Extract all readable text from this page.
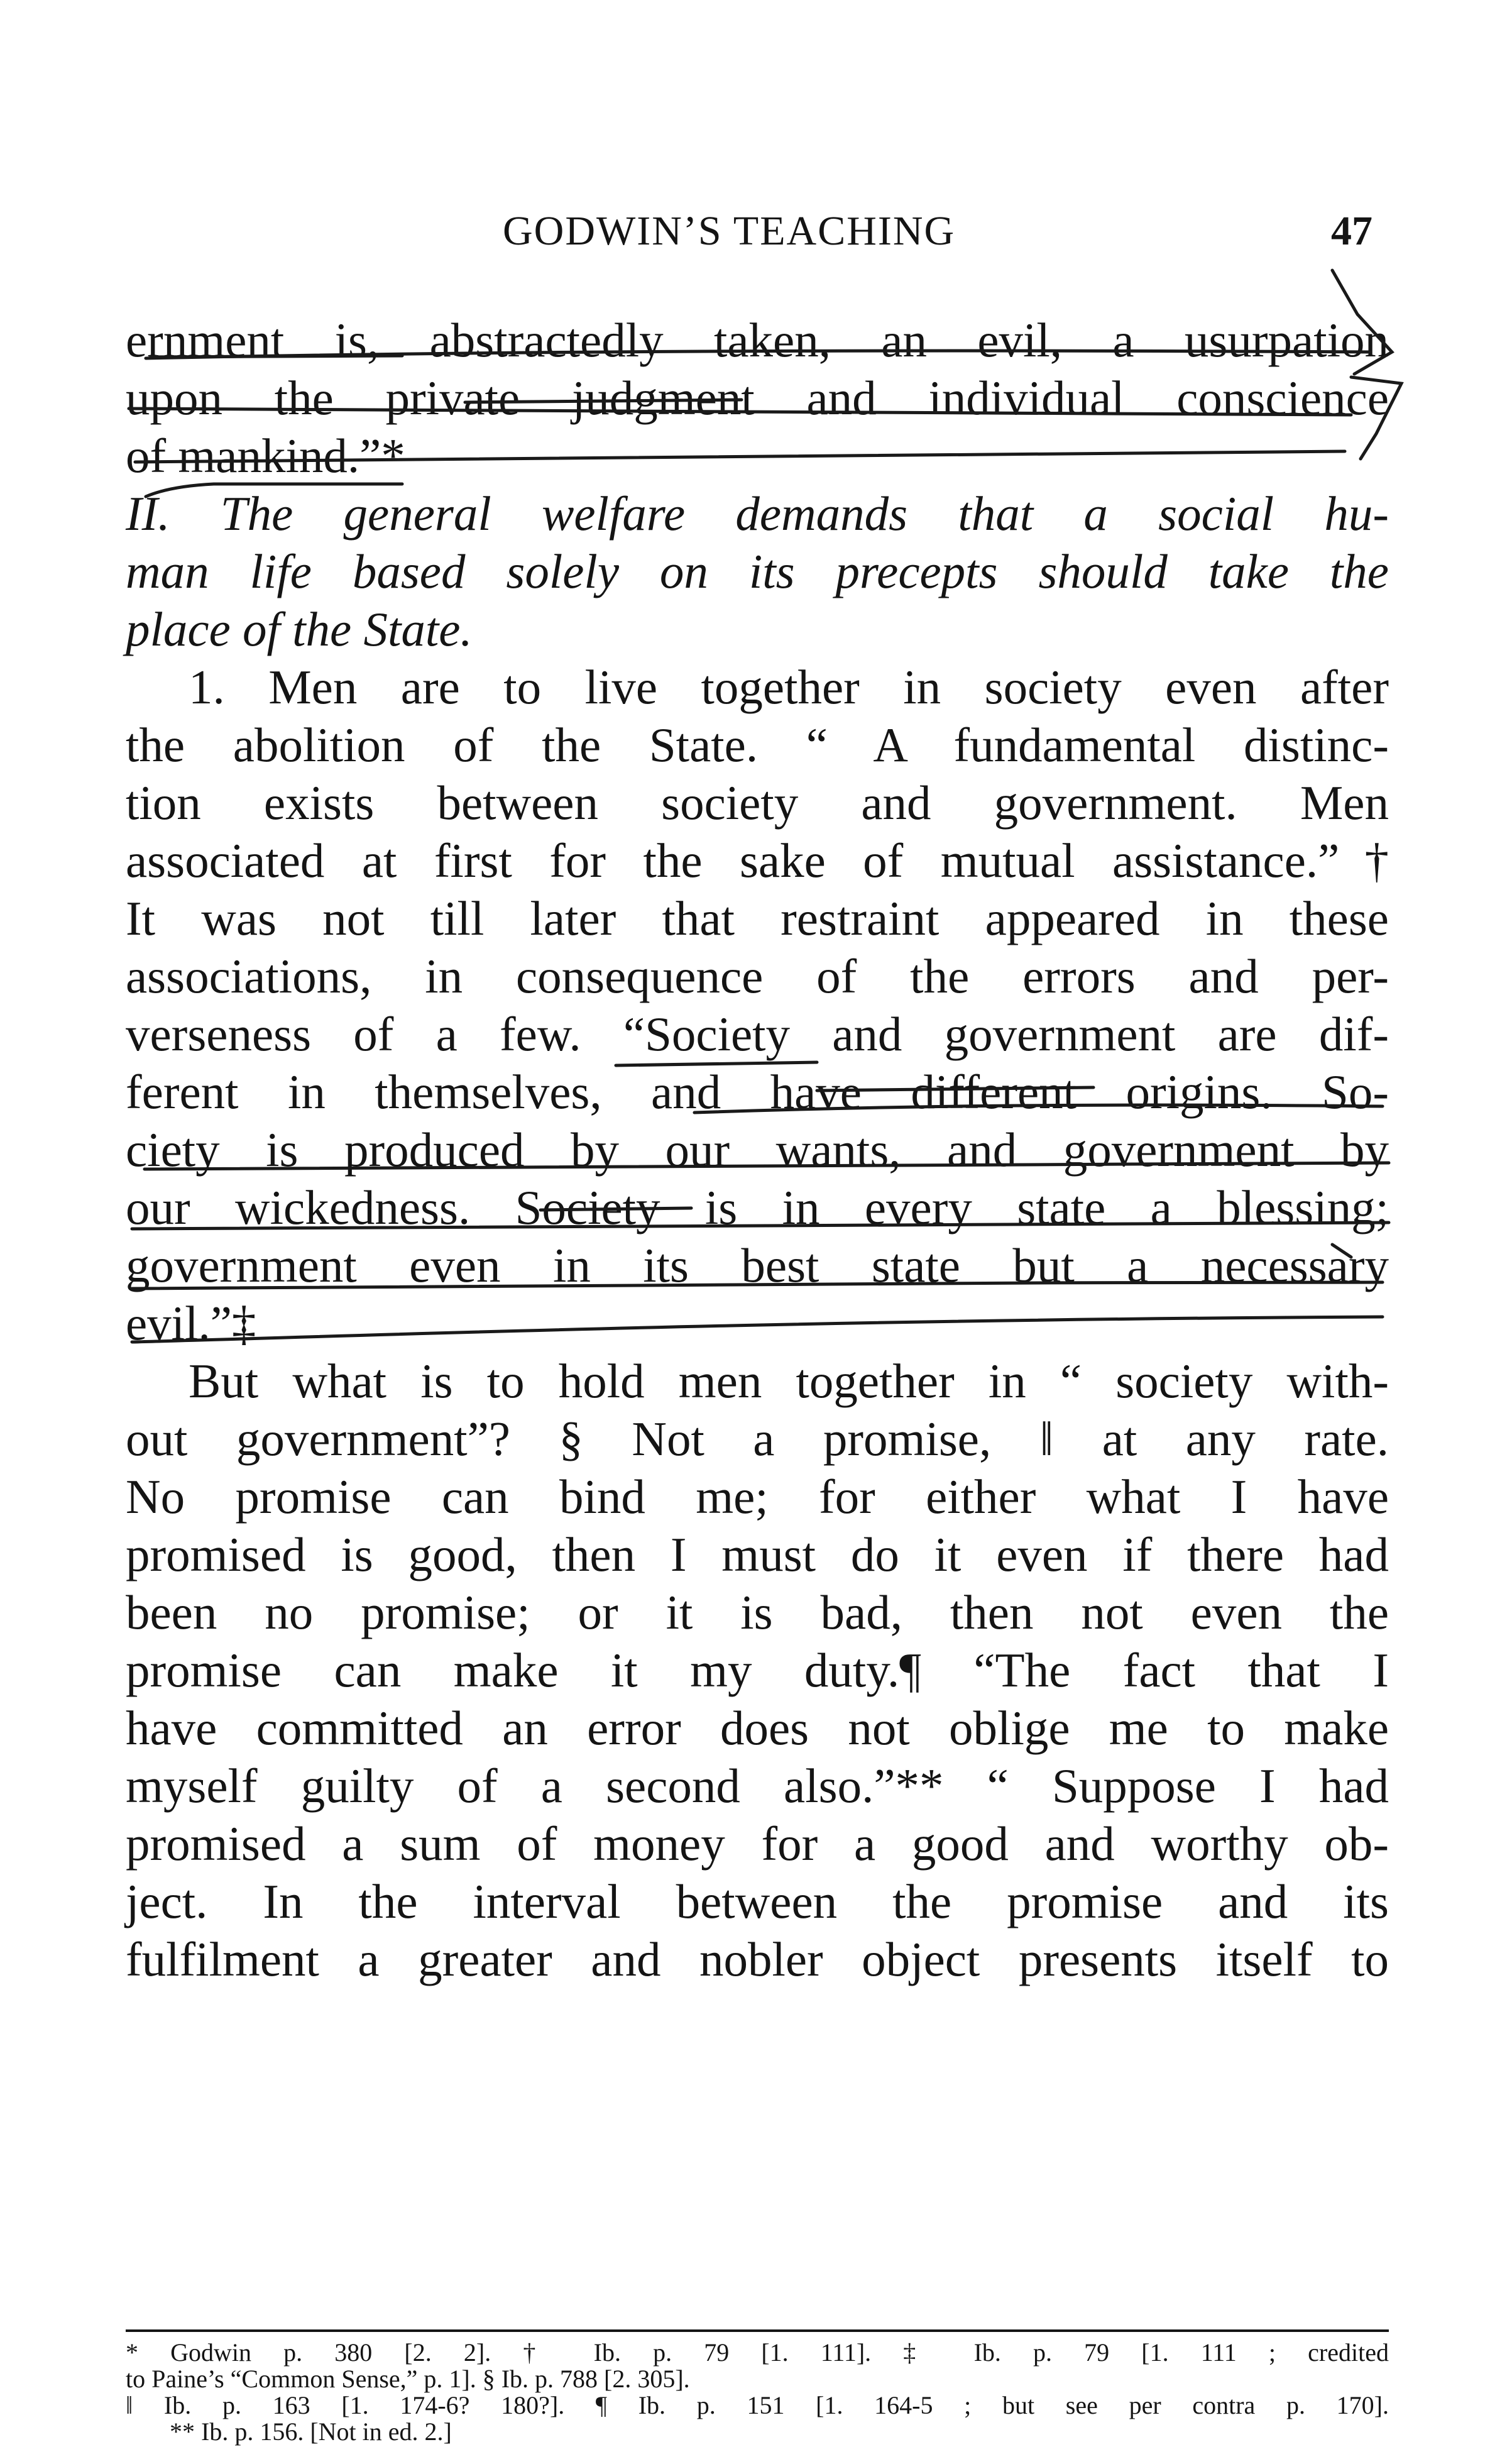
GODWIN’S TEACHING	47
ernment is, abstractedly taken, an evil, a usurpation
upon the private judgment and individual conscience
of mankind.”*
II. The general welfare demands that a social hu-
man life based solely on its precepts should take the
place of the State.
1. Men are to live together in society even after
the abolition of the State. “ A fundamental distinc-
tion exists between society and government. Men
associated at first for the sake of mutual assistance.”†
It was not till later that restraint appeared in these
associations, in consequence of the errors and per-
verseness of a few. “Society and government are dif-
ferent in themselves, and have different origins. So-
ciety is produced by our wants, and government by
our wickedness. Society is in every state a blessing;
government even in its best state but a necessary
evil.”‡
But what is to hold men together in “ society with-
out government”? § Not a promise, ‖ at any rate.
No promise can bind me; for either what I have
promised is good, then I must do it even if there had
been no promise; or it is bad, then not even the
promise can make it my duty.¶ “The fact that I
have committed an error does not oblige me to make
myself guilty of a second also.”** “ Suppose I had
promised a sum of money for a good and worthy ob-
ject. In the interval between the promise and its
fulfilment a greater and nobler object presents itself to
* Godwin p. 380 [2. 2]. † Ib. p. 79 [1. 111]. ‡ Ib. p. 79 [1. 111 ; credited
to Paine’s “Common Sense,” p. 1]. § Ib. p. 788 [2. 305].
‖ Ib. p. 163 [1. 174-6? 180?]. ¶ Ib. p. 151 [1. 164-5 ; but see per contra p. 170].
** Ib. p. 156. [Not in ed. 2.]
